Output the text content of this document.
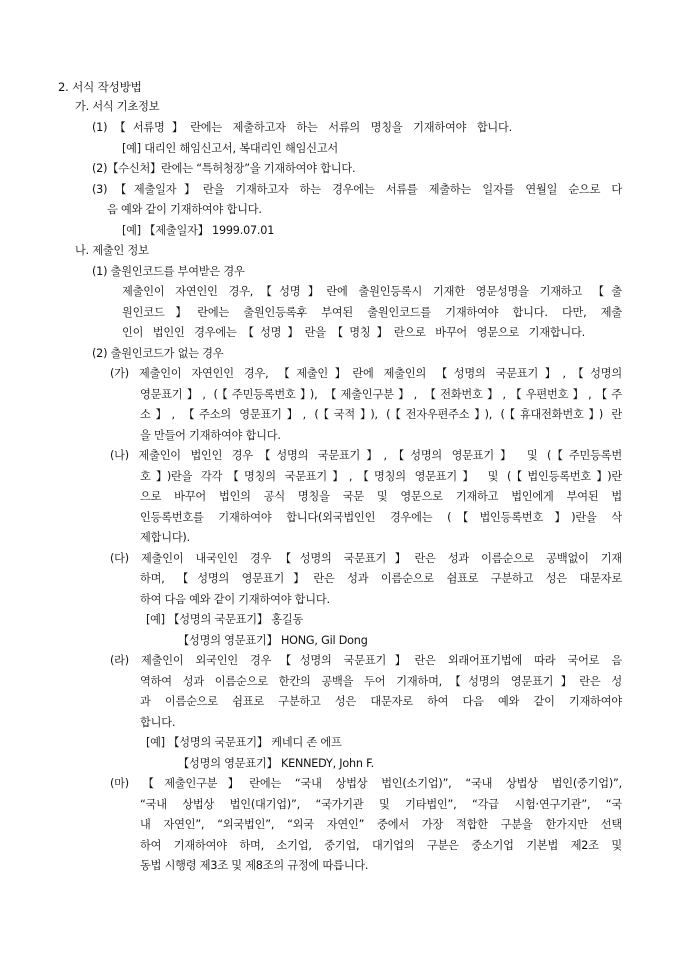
2. 서식 작성방법

가. 서식 기초정보

(1)【서류명】란에는 제출하고자 하는 서류의 명칭을 기재하여야 합니다.

[예] 대리인 해임신고서, 복대리인 해임신고서

(2)【수신처】란에는 “특허청장”을 기재하여야 합니다.

(3)【제출일자】란을 기재하고자 하는 경우에는 서류를 제출하는 일자를 연월일 순으로 다

음 예와 같이 기재하여야 합니다.

[예] 【제출일자】 1999.07.01

나. 제출인 정보

(1) 출원인코드를 부여받은 경우

제출인이 자연인인 경우,【성명】란에 출원인등록시 기재한 영문성명을 기재하고 【출

원인코드】란에는 출원인등록후 부여된 출원인코드를 기재하여야 합니다. 다만, 제출

인이 법인인 경우에는【성명】란을【명칭】란으로 바꾸어 영문으로 기재합니다.

(2) 출원인코드가 없는 경우

(가) 제출인이 자연인인 경우, 【제출인】란에 제출인의 【성명의 국문표기】,【성명의

영문표기】, (【주민등록번호】), 【제출인구분】, 【전화번호】,【우편번호】,【주

소】, 【주소의 영문표기】, (【국적】), (【전자우편주소】), (【휴대전화번호】) 란

을 만들어 기재하여야 합니다.

(나) 제출인이 법인인 경우【성명의 국문표기】,【성명의 영문표기】 및 (【주민등록번

호】)란을 각각【명칭의 국문표기】,【명칭의 영문표기】 및 (【법인등록번호】)란

으로 바꾸어 법인의 공식 명칭을 국문 및 영문으로 기재하고 법인에게 부여된 법

인등록번호를 기재하여야 합니다(외국법인인 경우에는 (【법인등록번호】)란을 삭

제합니다).

(다) 제출인이 내국인인 경우【성명의 국문표기】란은 성과 이름순으로 공백없이 기재

하며, 【성명의 영문표기】란은 성과 이름순으로 쉼표로 구분하고 성은 대문자로

하여 다음 예와 같이 기재하여야 합니다.

[예] 【성명의 국문표기】 홍길동

【성명의 영문표기】 HONG, Gil Dong

(라) 제출인이 외국인인 경우【성명의 국문표기】란은 외래어표기법에 따라 국어로 음

역하여 성과 이름순으로 한칸의 공백을 두어 기재하며,【성명의 영문표기】란은 성

과 이름순으로 쉼표로 구분하고 성은 대문자로 하여 다음 예와 같이 기재하여야

합니다.

[예] 【성명의 국문표기】 케네디 존 에프

【성명의 영문표기】 KENNEDY, John F.

(마) 【제출인구분】란에는 “국내 상법상 법인(소기업)”, “국내 상법상 법인(중기업)”,

“국내 상법상 법인(대기업)”, “국가기관 및 기타법인”, “각급 시험·연구기관”, “국

내 자연인”, “외국법인”, “외국 자연인” 중에서 가장 적합한 구분을 한가지만 선택

하여 기재하여야 하며, 소기업, 중기업, 대기업의 구분은 중소기업 기본법 제2조 및

동법 시행령 제3조 및 제8조의 규정에 따릅니다.
